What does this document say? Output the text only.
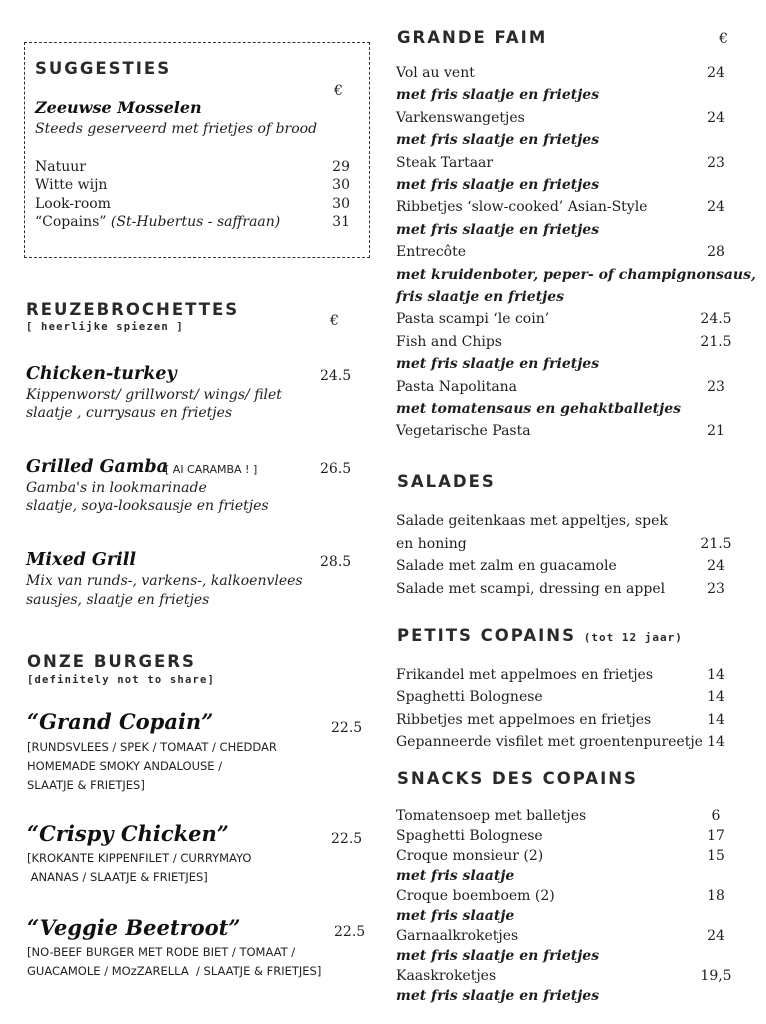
SUGGESTIES
€
Zeeuwse Mosselen
Steeds geserveerd met frietjes of brood
Natuur	29
Witte wijn	30
Look-room	30
“Copains” (St-Hubertus - saffraan)	31
REUZEBROCHETTES
[ heerlijke spiezen ]	€
Chicken-turkey	24.5
Kippenworst/ grillworst/ wings/ filet
slaatje , currysaus en frietjes
Grilled Gamba
[ AI CARAMBA ! ]	26.5
Gamba's in lookmarinade
slaatje, soya-looksausje en frietjes
Mixed Grill	28.5
Mix van runds-, varkens-, kalkoenvlees
sausjes, slaatje en frietjes
ONZE BURGERS
[definitely not to share]
“Grand Copain”	22.5
[RUNDSVLEES / SPEK / TOMAAT / CHEDDAR
HOMEMADE SMOKY ANDALOUSE /
SLAATJE & FRIETJES]
“Crispy Chicken”	22.5
[KROKANTE KIPPENFILET / CURRYMAYO
ANANAS / SLAATJE & FRIETJES]
“Veggie Beetroot”	22.5
[NO-BEEF BURGER MET RODE BIET / TOMAAT /
GUACAMOLE / MOzZARELLA  / SLAATJE & FRIETJES]
GRANDE FAIM	€
Vol au vent	24
met fris slaatje en frietjes
Varkenswangetjes	24
met fris slaatje en frietjes
Steak Tartaar	23
met fris slaatje en frietjes
Ribbetjes ‘slow-cooked’ Asian-Style	24
met fris slaatje en frietjes
Entrecôte	28
met kruidenboter, peper- of champignonsaus,
fris slaatje en frietjes
Pasta scampi ‘le coin’	24.5
Fish and Chips	21.5
met fris slaatje en frietjes
Pasta Napolitana	23
met tomatensaus en gehaktballetjes
Vegetarische Pasta	21
SALADES
Salade geitenkaas met appeltjes, spek
en honing	21.5
Salade met zalm en guacamole	24
Salade met scampi, dressing en appel	23
PETITS COPAINS (tot 12 jaar)
Frikandel met appelmoes en frietjes	14
Spaghetti Bolognese	14
Ribbetjes met appelmoes en frietjes	14
Gepanneerde visfilet met groentenpureetje 14
SNACKS DES COPAINS
Tomatensoep met balletjes	6
Spaghetti Bolognese	17
Croque monsieur (2)	15
met fris slaatje
Croque boemboem (2)	18
met fris slaatje
Garnaalkroketjes	24
met fris slaatje en frietjes
Kaaskroketjes	19,5
met fris slaatje en frietjes
